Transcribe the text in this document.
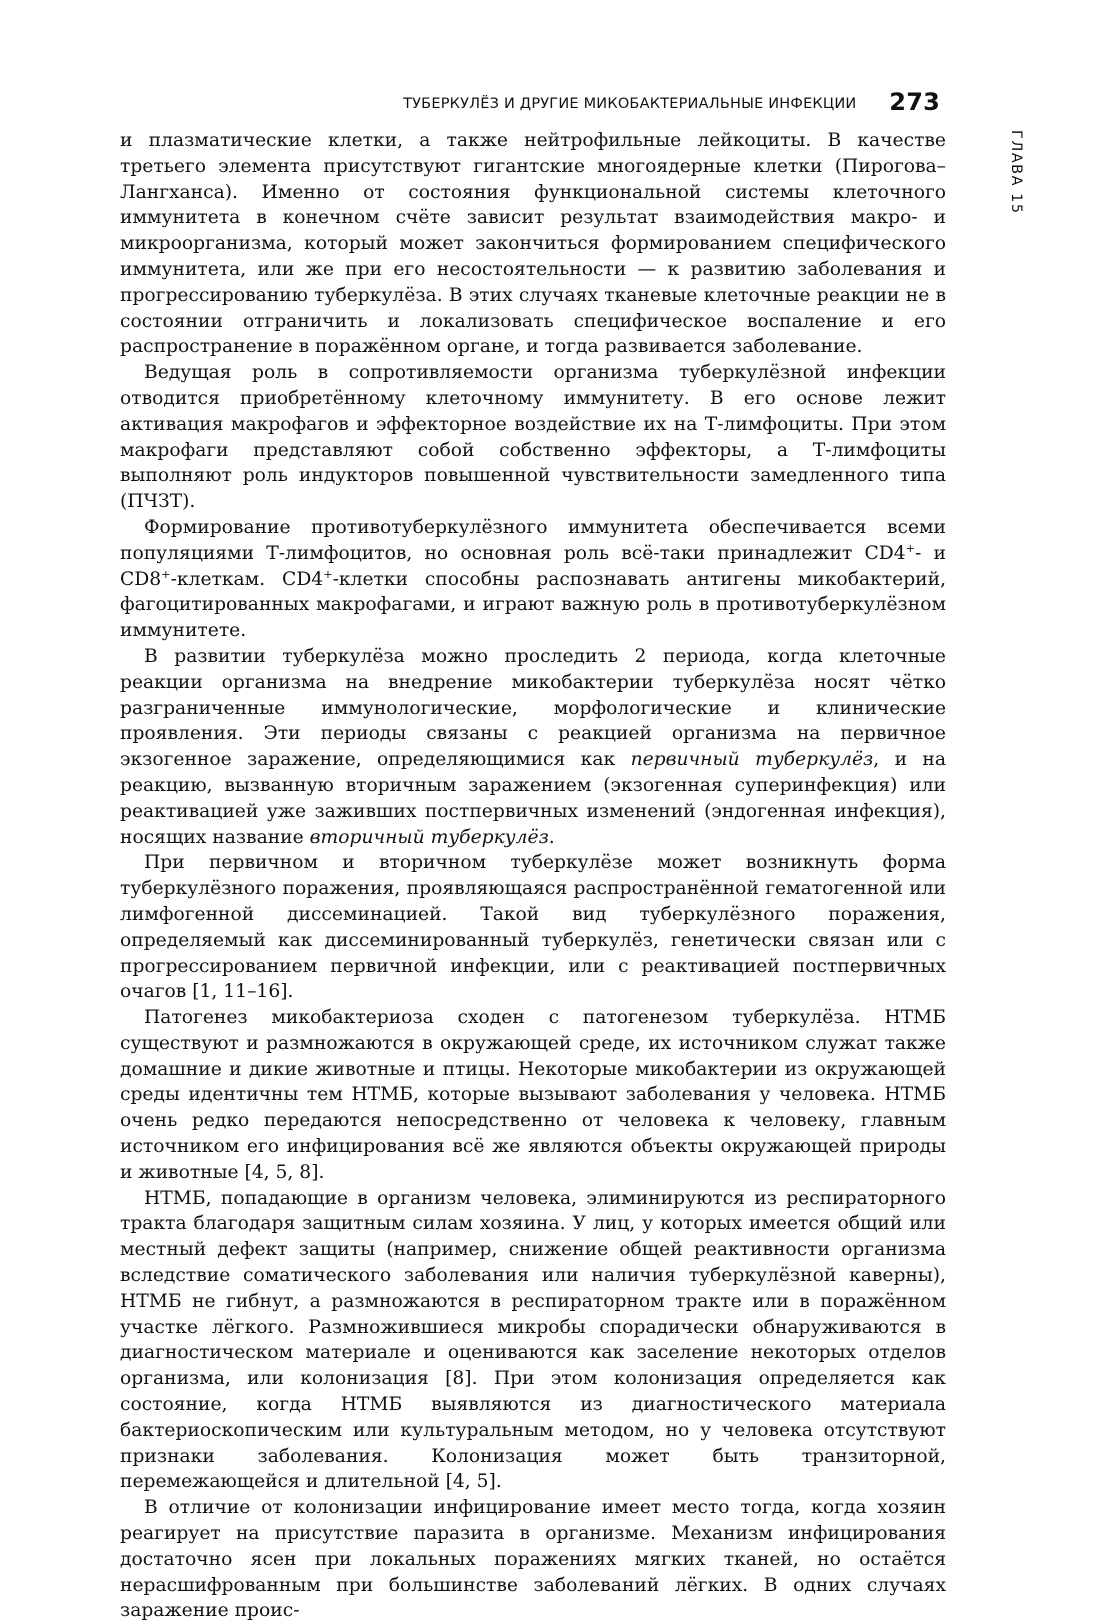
ТУБЕРКУЛЁЗ И ДРУГИЕ МИКОБАКТЕРИАЛЬНЫЕ ИНФЕКЦИИ 273
ГЛАВА 15

и плазматические клетки, а также нейтрофильные лейкоциты. В качестве третьего элемента присутствуют гигантские многоядерные клетки (Пирогова–Лангханса). Именно от состояния функциональной системы клеточного иммунитета в конечном счёте зависит результат взаимодействия макро- и микроорганизма, который может закончиться формированием специфического иммунитета, или же при его несостоятельности — к развитию заболевания и прогрессированию туберкулёза. В этих случаях тканевые клеточные реакции не в состоянии отграничить и локализовать специфическое воспаление и его распространение в поражённом органе, и тогда развивается заболевание.

Ведущая роль в сопротивляемости организма туберкулёзной инфекции отводится приобретённому клеточному иммунитету. В его основе лежит активация макрофагов и эффекторное воздействие их на Т-лимфоциты. При этом макрофаги представляют собой собственно эффекторы, а Т-лимфоциты выполняют роль индукторов повышенной чувствительности замедленного типа (ПЧЗТ).

Формирование противотуберкулёзного иммунитета обеспечивается всеми популяциями Т-лимфоцитов, но основная роль всё-таки принадлежит CD4+- и CD8+-клеткам. CD4+-клетки способны распознавать антигены микобактерий, фагоцитированных макрофагами, и играют важную роль в противотуберкулёзном иммунитете.

В развитии туберкулёза можно проследить 2 периода, когда клеточные реакции организма на внедрение микобактерии туберкулёза носят чётко разграниченные иммунологические, морфологические и клинические проявления. Эти периоды связаны с реакцией организма на первичное экзогенное заражение, определяющимися как первичный туберкулёз, и на реакцию, вызванную вторичным заражением (экзогенная суперинфекция) или реактивацией уже заживших постпервичных изменений (эндогенная инфекция), носящих название вторичный туберкулёз.

При первичном и вторичном туберкулёзе может возникнуть форма туберкулёзного поражения, проявляющаяся распространённой гематогенной или лимфогенной диссеминацией. Такой вид туберкулёзного поражения, определяемый как диссеминированный туберкулёз, генетически связан или с прогрессированием первичной инфекции, или с реактивацией постпервичных очагов [1, 11–16].

Патогенез микобактериоза сходен с патогенезом туберкулёза. НТМБ существуют и размножаются в окружающей среде, их источником служат также домашние и дикие животные и птицы. Некоторые микобактерии из окружающей среды идентичны тем НТМБ, которые вызывают заболевания у человека. НТМБ очень редко передаются непосредственно от человека к человеку, главным источником его инфицирования всё же являются объекты окружающей природы и животные [4, 5, 8].

НТМБ, попадающие в организм человека, элиминируются из респираторного тракта благодаря защитным силам хозяина. У лиц, у которых имеется общий или местный дефект защиты (например, снижение общей реактивности организма вследствие соматического заболевания или наличия туберкулёзной каверны), НТМБ не гибнут, а размножаются в респираторном тракте или в поражённом участке лёгкого. Размножившиеся микробы спорадически обнаруживаются в диагностическом материале и оцениваются как заселение некоторых отделов организма, или колонизация [8]. При этом колонизация определяется как состояние, когда НТМБ выявляются из диагностического материала бактериоскопическим или культуральным методом, но у человека отсутствуют признаки заболевания. Колонизация может быть транзиторной, перемежающейся и длительной [4, 5].

В отличие от колонизации инфицирование имеет место тогда, когда хозяин реагирует на присутствие паразита в организме. Механизм инфицирования достаточно ясен при локальных поражениях мягких тканей, но остаётся нерасшифрованным при большинстве заболеваний лёгких. В одних случаях заражение проис-
